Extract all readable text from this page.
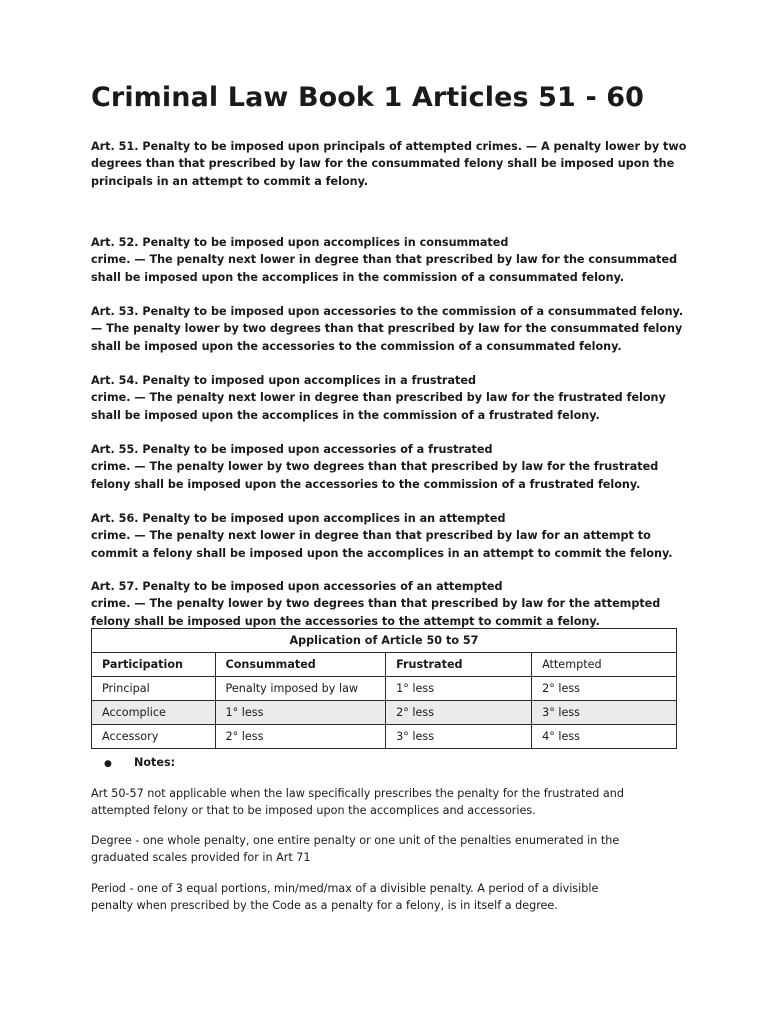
Criminal Law Book 1 Articles 51 - 60
Art. 51. Penalty to be imposed upon principals of attempted crimes. — A penalty lower by two
degrees than that prescribed by law for the consummated felony shall be imposed upon the
principals in an attempt to commit a felony.
Art. 52. Penalty to be imposed upon accomplices in consummated
crime. — The penalty next lower in degree than that prescribed by law for the consummated
shall be imposed upon the accomplices in the commission of a consummated felony.
Art. 53. Penalty to be imposed upon accessories to the commission of a consummated felony.
— The penalty lower by two degrees than that prescribed by law for the consummated felony
shall be imposed upon the accessories to the commission of a consummated felony.
Art. 54. Penalty to imposed upon accomplices in a frustrated
crime. — The penalty next lower in degree than prescribed by law for the frustrated felony
shall be imposed upon the accomplices in the commission of a frustrated felony.
Art. 55. Penalty to be imposed upon accessories of a frustrated
crime. — The penalty lower by two degrees than that prescribed by law for the frustrated
felony shall be imposed upon the accessories to the commission of a frustrated felony.
Art. 56. Penalty to be imposed upon accomplices in an attempted
crime. — The penalty next lower in degree than that prescribed by law for an attempt to
commit a felony shall be imposed upon the accomplices in an attempt to commit the felony.
Art. 57. Penalty to be imposed upon accessories of an attempted
crime. — The penalty lower by two degrees than that prescribed by law for the attempted
felony shall be imposed upon the accessories to the attempt to commit a felony.
Application of Article 50 to 57			
Participation	Consummated	Frustrated	Attempted
Principal	Penalty imposed by law	1° less	2° less
Accomplice	1° less	2° less	3° less
Accessory	2° less	3° less	4° less
● Notes:
Art 50-57 not applicable when the law specifically prescribes the penalty for the frustrated and
attempted felony or that to be imposed upon the accomplices and accessories.
Degree - one whole penalty, one entire penalty or one unit of the penalties enumerated in the
graduated scales provided for in Art 71
Period - one of 3 equal portions, min/med/max of a divisible penalty. A period of a divisible
penalty when prescribed by the Code as a penalty for a felony, is in itself a degree.
